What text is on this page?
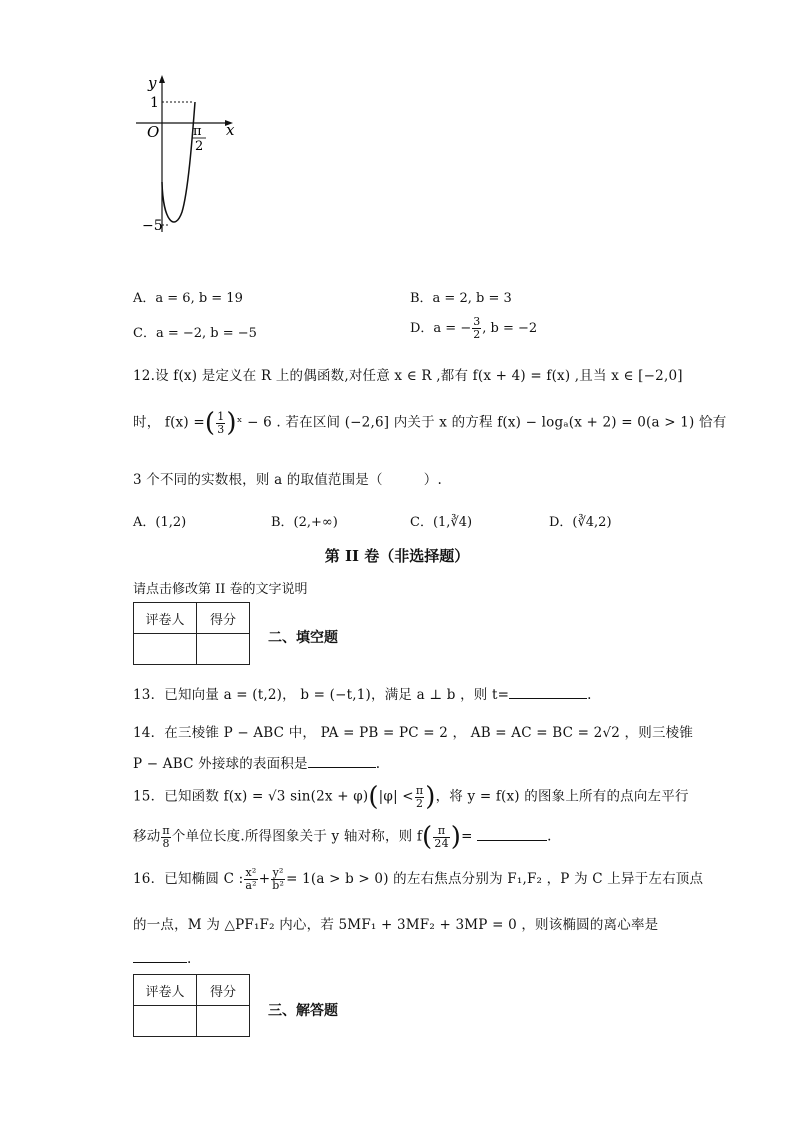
y
x
O
1
−5
π
2
A．a = 6, b = 19	B．a = 2, b = 3
C．a = −2, b = −5	D．a = − $\frac{3}{2}$ , b = −2
12.设 f(x) 是定义在 R 上的偶函数,对任意 x ∈ R ,都有 f(x + 4) = f(x) ,且当 x ∈ [−2,0]
时， f(x) =( $\frac{1}{3}$ )ˣ − 6 . 若在区间 (−2,6] 内关于 x 的方程 f(x) − logₐ(x + 2) = 0(a > 1) 恰有
3 个不同的实数根，则 a 的取值范围是（　　　）.
A．(1,2)	B．(2,+∞)	C．(1,∛4)	D．(∛4,2)
第 II 卷（非选择题）
请点击修改第 II 卷的文字说明
评卷人	得分

二、填空题
13．已知向量 a = (t,2)， b = (−t,1)，满足 a ⊥ b ，则 t=	.
14．在三棱锥 P − ABC 中， PA = PB = PC = 2 ， AB = AC = BC = 2√2 ，则三棱锥
P − ABC 外接球的表面积是	.
15．已知函数 f(x) = √3 $\sin(2x + \varphi)(|\varphi| < \frac{\pi}{2}$ )，将 y = f(x) 的图象上所有的点向左平行
移动 $\frac{\pi}{8}$ 个单位长度.所得图象关于 y 轴对称，则 $f( \frac{\pi}{24}$ )=	.
16．已知椭圆 C : $\frac{\text{x²}}{\text{a²}} + \frac{\text{y²}}{\text{b²}} = 1(a > b > 0)$ 的左右焦点分别为 F₁,F₂ ，P 为 C 上异于左右顶点
的一点，M 为 △PF₁F₂ 内心，若 5MF₁ + 3MF₂ + 3MP = 0 ，则该椭圆的离心率是
.
评卷人	得分

三、解答题
